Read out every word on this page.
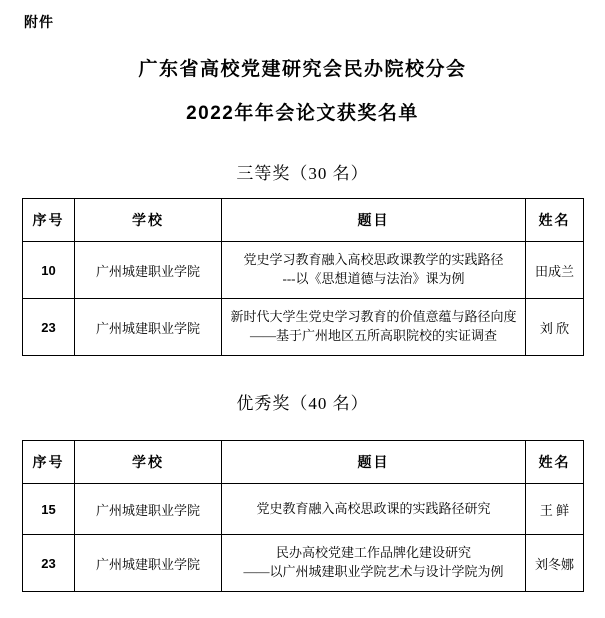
附件
广东省高校党建研究会民办院校分会
2022年年会论文获奖名单
三等奖（30 名）
序号	学校	题目	姓名
10	广州城建职业学院	党史学习教育融入高校思政课教学的实践路径
---以《思想道德与法治》课为例	田成兰
23	广州城建职业学院	新时代大学生党史学习教育的价值意蕴与路径向度
——基于广州地区五所高职院校的实证调查	刘 欣
优秀奖（40 名）
序号	学校	题目	姓名
15	广州城建职业学院	党史教育融入高校思政课的实践路径研究	王 鲜
23	广州城建职业学院	民办高校党建工作品牌化建设研究
——以广州城建职业学院艺术与设计学院为例	刘冬娜
